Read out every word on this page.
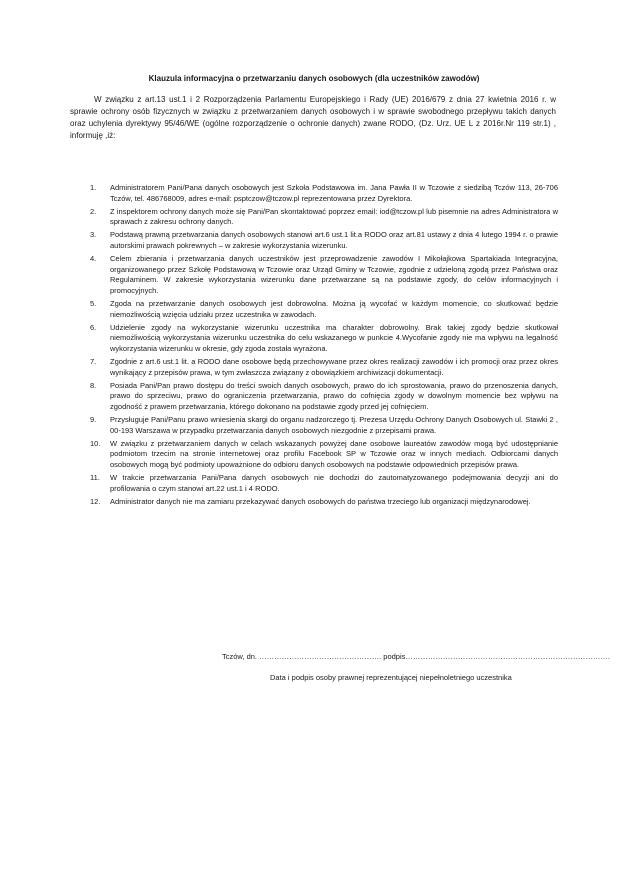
Klauzula informacyjna o przetwarzaniu danych osobowych (dla uczestników zawodów)
W związku z art.13 ust.1 i 2 Rozporządzenia Parlamentu Europejskiego i Rady (UE) 2016/679 z dnia 27 kwietnia 2016 r. w sprawie ochrony osób fizycznych w związku z przetwarzaniem danych osobowych i w sprawie swobodnego przepływu takich danych oraz uchylenia dyrektywy 95/46/WE (ogólne rozporządzenie o ochronie danych) zwane RODO, (Dz. Urz. UE L z 2016r.Nr 119 str.1) , informuję ,iż:
1. Administratorem Pani/Pana danych osobowych jest Szkoła Podstawowa im. Jana Pawła II w Tczowie z siedzibą Tczów 113, 26-706 Tczów, tel. 486768009, adres e-mail: psptczow@tczow.pl reprezentowana przez Dyrektora.
2. Z inspektorem ochrony danych może się Pani/Pan skontaktować poprzez email: iod@tczow.pl lub pisemnie na adres Administratora w sprawach z zakresu ochrony danych.
3. Podstawą prawną przetwarzania danych osobowych stanowi art.6 ust.1 lit.a RODO oraz art.81 ustawy z dnia 4 lutego 1994 r. o prawie autorskimi prawach pokrewnych – w zakresie wykorzystania wizerunku.
4. Celem zbierania i przetwarzania danych uczestników jest przeprowadzenie zawodów I Mikołajkowa Spartakiada Integracyjna, organizowanego przez Szkołę Podstawową w Tczowie oraz Urząd Gminy w Tczowie, zgodnie z udzieloną zgodą przez Państwa oraz Regulaminem. W zakresie wykorzystania wizerunku dane przetwarzane są na podstawie zgody, do celów informacyjnych i promocyjnych.
5. Zgoda na przetwarzanie danych osobowych jest dobrowolna. Można ją wycofać w każdym momencie, co skutkować będzie niemożliwością wzięcia udziału przez uczestnika w zawodach.
6. Udzielenie zgody na wykorzystanie wizerunku uczestnika ma charakter dobrowolny. Brak takiej zgody będzie skutkował niemożliwością wykorzystania wizerunku uczestnika do celu wskazanego w punkcie 4.Wycofanie zgody nie ma wpływu na legalność wykorzystania wizerunku w okresie, gdy zgoda została wyrażona.
7. Zgodnie z art.6 ust.1 lit. a RODO dane osobowe będą przechowywane przez okres realizacji zawodów i ich promocji oraz przez okres wynikający z przepisów prawa, w tym zwłaszcza związany z obowiązkiem archiwizacji dokumentacji.
8. Posiada Pani/Pan prawo dostępu do treści swoich danych osobowych, prawo do ich sprostowania, prawo do przenoszenia danych, prawo do sprzeciwu, prawo do ograniczenia przetwarzania, prawo do cofnięcia zgody w dowolnym momencie bez wpływu na zgodność z prawem przetwarzania, którego dokonano na podstawie zgody przed jej cofnięciem.
9. Przysługuje Pani/Panu prawo wniesienia skargi do organu nadzorczego tj. Prezesa Urzędu Ochrony Danych Osobowych ul. Stawki 2 , 00-193 Warszawa w przypadku przetwarzania danych osobowych niezgodnie z przepisami prawa.
10. W związku z przetwarzaniem danych w celach wskazanych powyżej dane osobowe laureatów zawodów mogą być udostępnianie podmiotom trzecim na stronie internetowej oraz profilu Facebook SP w Tczowie oraz w innych mediach. Odbiorcami danych osobowych mogą być podmioty upoważnione do odbioru danych osobowych na podstawie odpowiednich przepisów prawa.
11. W trakcie przetwarzania Pani/Pana danych osobowych nie dochodzi do zautomatyzowanego podejmowania decyzji ani do profilowania o czym stanowi art.22 ust.1 i 4 RODO.
12. Administrator danych nie ma zamiaru przekazywać danych osobowych do państwa trzeciego lub organizacji międzynarodowej.
Tczów, dn. …………………………………………. podpis……………………………………………………………………….
Data i podpis osoby prawnej reprezentującej niepełnoletniego uczestnika
